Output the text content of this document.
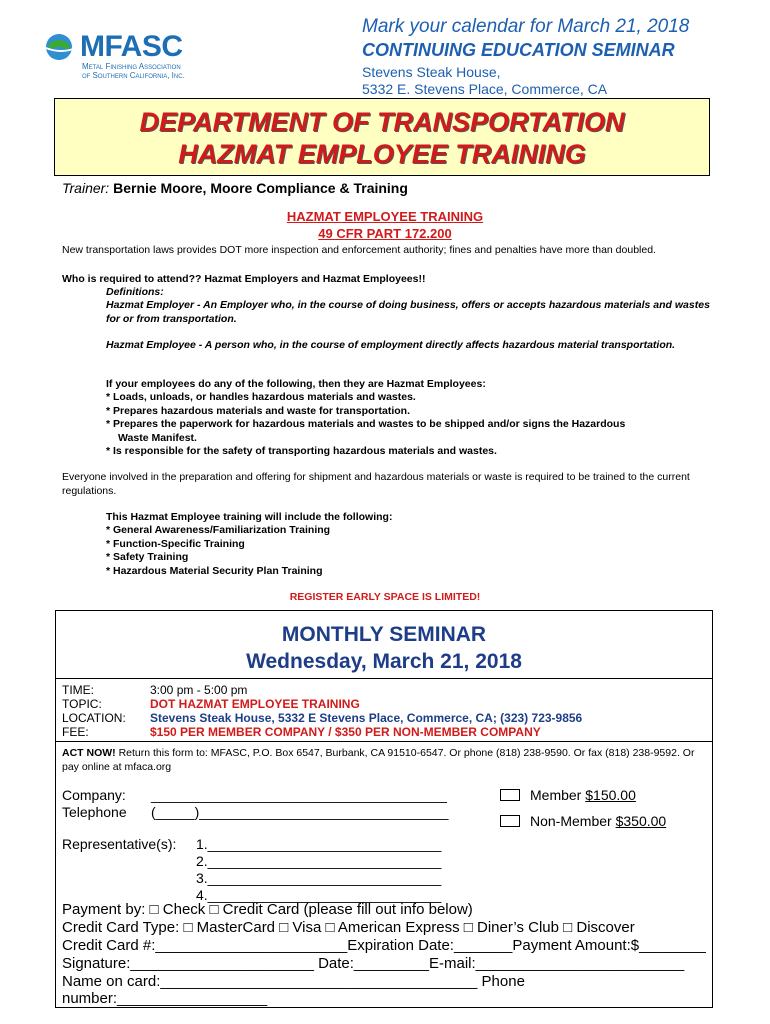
MFASC
Metal Finishing Association
of Southern California, Inc.
Mark your calendar for March 21, 2018
CONTINUING EDUCATION SEMINAR
Stevens Steak House,
5332 E. Stevens Place, Commerce, CA
DEPARTMENT OF TRANSPORTATION
HAZMAT EMPLOYEE TRAINING
Trainer: Bernie Moore, Moore Compliance & Training
HAZMAT EMPLOYEE TRAINING
49 CFR PART 172.200
New transportation laws provides DOT more inspection and enforcement authority; fines and penalties have more than doubled.
Who is required to attend?? Hazmat Employers and Hazmat Employees!!
Definitions:
Hazmat Employer - An Employer who, in the course of doing business, offers or accepts hazardous materials and wastes for or from transportation.
Hazmat Employee - A person who, in the course of employment directly affects hazardous material transportation.
If your employees do any of the following, then they are Hazmat Employees:
* Loads, unloads, or handles hazardous materials and wastes.
* Prepares hazardous materials and waste for transportation.
* Prepares the paperwork for hazardous materials and wastes to be shipped and/or signs the Hazardous
Waste Manifest.
* Is responsible for the safety of transporting hazardous materials and wastes.
Everyone involved in the preparation and offering for shipment and hazardous materials or waste is required to be trained to the current regulations.
This Hazmat Employee training will include the following:
* General Awareness/Familiarization Training
* Function-Specific Training
* Safety Training
* Hazardous Material Security Plan Training
REGISTER EARLY SPACE IS LIMITED!
MONTHLY SEMINAR
Wednesday, March 21, 2018
TIME:	3:00 pm - 5:00 pm
TOPIC:	DOT HAZMAT EMPLOYEE TRAINING
LOCATION: Stevens Steak House, 5332 E Stevens Place, Commerce, CA; (323) 723-9856
FEE:	$150 PER MEMBER COMPANY / $350 PER NON-MEMBER COMPANY
ACT NOW! Return this form to: MFASC, P.O. Box 6547, Burbank, CA 91510-6547. Or phone (818) 238-9590. Or fax (818) 238-9592. Or pay online at mfaca.org
Company: ______________________________________
Telephone (_____)________________________________
Member $150.00
Non-Member $350.00
Representative(s): 1.______________________________
2.______________________________
3.______________________________
4.______________________________
Payment by: □ Check □ Credit Card (please fill out info below)
Credit Card Type: □ MasterCard □ Visa □ American Express □ Diner’s Club □ Discover
Credit Card #:_______________________Expiration Date:_______Payment Amount:$________
Signature:______________________ Date:_________E-mail:_________________________
Name on card:______________________________________ Phone number:__________________
